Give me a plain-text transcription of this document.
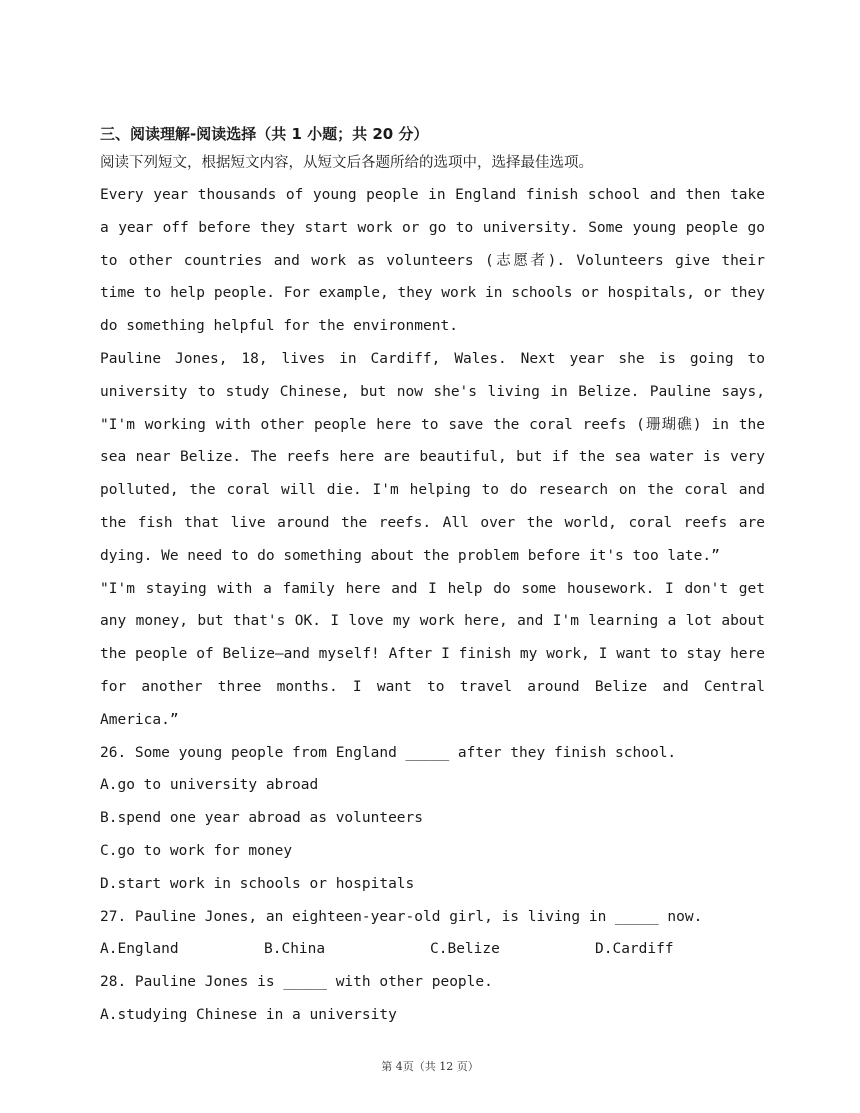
三、阅读理解-阅读选择（共 1 小题；共 20 分）
阅读下列短文，根据短文内容，从短文后各题所给的选项中，选择最佳选项。

Every year thousands of young people in England finish school and then take a year off before they start work or go to university. Some young people go to other countries and work as volunteers (志愿者). Volunteers give their time to help people. For example, they work in schools or hospitals, or they do something helpful for the environment.

Pauline Jones, 18, lives in Cardiff, Wales. Next year she is going to university to study Chinese, but now she's living in Belize. Pauline says, "I'm working with other people here to save the coral reefs (珊瑚礁) in the sea near Belize. The reefs here are beautiful, but if the sea water is very polluted, the coral will die. I'm helping to do research on the coral and the fish that live around the reefs. All over the world, coral reefs are dying. We need to do something about the problem before it's too late.”

"I'm staying with a family here and I help do some housework. I don't get any money, but that's OK. I love my work here, and I'm learning a lot about the people of Belize—and myself! After I finish my work, I want to stay here for another three months. I want to travel around Belize and Central America.”

26. Some young people from England _____ after they finish school.
A.go to university abroad
B.spend one year abroad as volunteers
C.go to work for money
D.start work in schools or hospitals
27. Pauline Jones, an eighteen-year-old girl, is living in _____ now.
A.England	B.China	C.Belize	D.Cardiff
28. Pauline Jones is _____ with other people.
A.studying Chinese in a university
第 4页（共 12 页）
